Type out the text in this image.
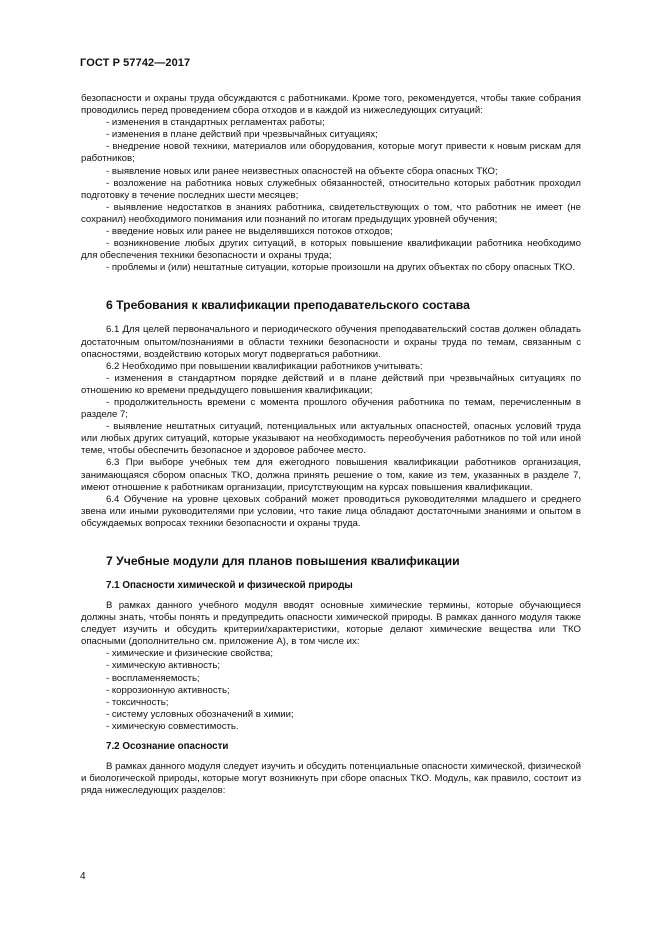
ГОСТ Р 57742—2017

безопасности и охраны труда обсуждаются с работниками. Кроме того, рекомендуется, чтобы такие собрания проводились перед проведением сбора отходов и в каждой из нижеследующих ситуаций:

- изменения в стандартных регламентах работы;

- изменения в плане действий при чрезвычайных ситуациях;

- внедрение новой техники, материалов или оборудования, которые могут привести к новым рискам для работников;

- выявление новых или ранее неизвестных опасностей на объекте сбора опасных ТКО;

- возложение на работника новых служебных обязанностей, относительно которых работник проходил подготовку в течение последних шести месяцев;

- выявление недостатков в знаниях работника, свидетельствующих о том, что работник не имеет (не сохранил) необходимого понимания или познаний по итогам предыдущих уровней обучения;

- введение новых или ранее не выделявшихся потоков отходов;

- возникновение любых других ситуаций, в которых повышение квалификации работника необходимо для обеспечения техники безопасности и охраны труда;

- проблемы и (или) нештатные ситуации, которые произошли на других объектах по сбору опасных ТКО.

6 Требования к квалификации преподавательского состава

6.1 Для целей первоначального и периодического обучения преподавательский состав должен обладать достаточным опытом/познаниями в области техники безопасности и охраны труда по темам, связанным с опасностями, воздействию которых могут подвергаться работники.

6.2 Необходимо при повышении квалификации работников учитывать:

- изменения в стандартном порядке действий и в плане действий при чрезвычайных ситуациях по отношению ко времени предыдущего повышения квалификации;

- продолжительность времени с момента прошлого обучения работника по темам, перечисленным в разделе 7;

- выявление нештатных ситуаций, потенциальных или актуальных опасностей, опасных условий труда или любых других ситуаций, которые указывают на необходимость переобучения работников по той или иной теме, чтобы обеспечить безопасное и здоровое рабочее место.

6.3 При выборе учебных тем для ежегодного повышения квалификации работников организация, занимающаяся сбором опасных ТКО, должна принять решение о том, какие из тем, указанных в разделе 7, имеют отношение к работникам организации, присутствующим на курсах повышения квалификации.

6.4 Обучение на уровне цеховых собраний может проводиться руководителями младшего и среднего звена или иными руководителями при условии, что такие лица обладают достаточными знаниями и опытом в обсуждаемых вопросах техники безопасности и охраны труда.

7 Учебные модули для планов повышения квалификации
7.1 Опасности химической и физической природы

В рамках данного учебного модуля вводят основные химические термины, которые обучающиеся должны знать, чтобы понять и предупредить опасности химической природы. В рамках данного модуля также следует изучить и обсудить критерии/характеристики, которые делают химические вещества или ТКО опасными (дополнительно см. приложение А), в том числе их:

- химические и физические свойства;

- химическую активность;

- воспламеняемость;

- коррозионную активность;

- токсичность;

- систему условных обозначений в химии;

- химическую совместимость.

7.2 Осознание опасности

В рамках данного модуля следует изучить и обсудить потенциальные опасности химической, физической и биологической природы, которые могут возникнуть при сборе опасных ТКО. Модуль, как правило, состоит из ряда нижеследующих разделов:

4
